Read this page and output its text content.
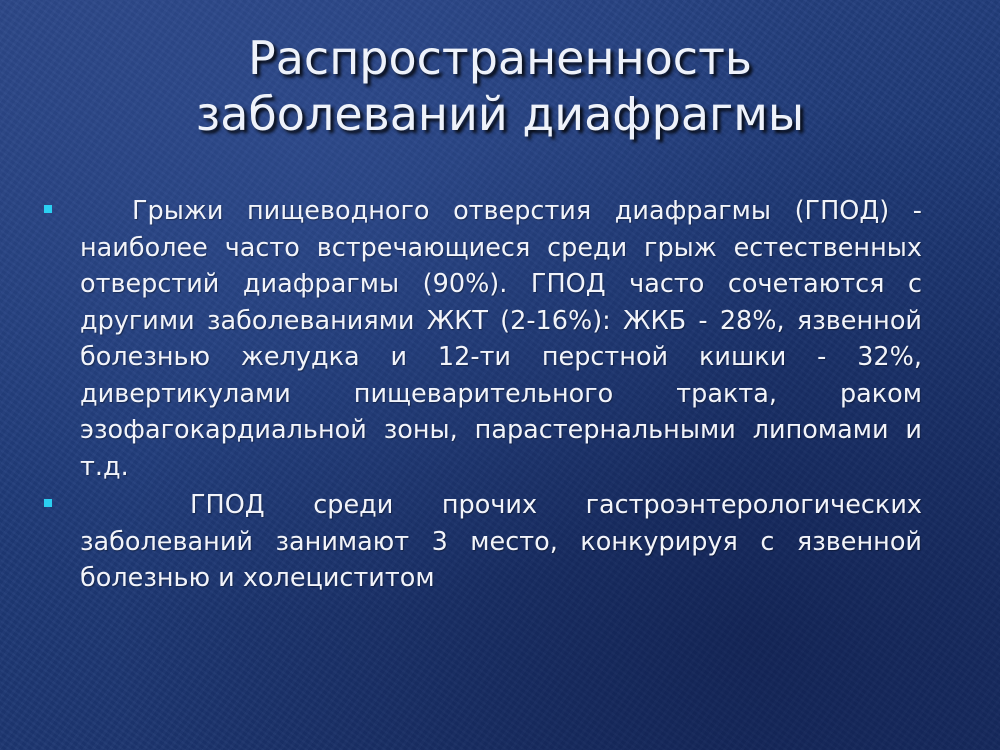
Распространенность
заболеваний диафрагмы
Грыжи пищеводного отверстия диафрагмы (ГПОД) - наиболее часто встречающиеся среди грыж естественных отверстий диафрагмы (90%). ГПОД часто сочетаются с другими заболеваниями ЖКТ (2-16%): ЖКБ - 28%, язвенной болезнью желудка и 12-ти перстной кишки - 32%, дивертикулами пищеварительного тракта, раком эзофагокардиальной зоны, парастернальными липомами и т.д.
ГПОД среди прочих гастроэнтерологических заболеваний занимают 3 место, конкурируя с язвенной болезнью и холециститом
